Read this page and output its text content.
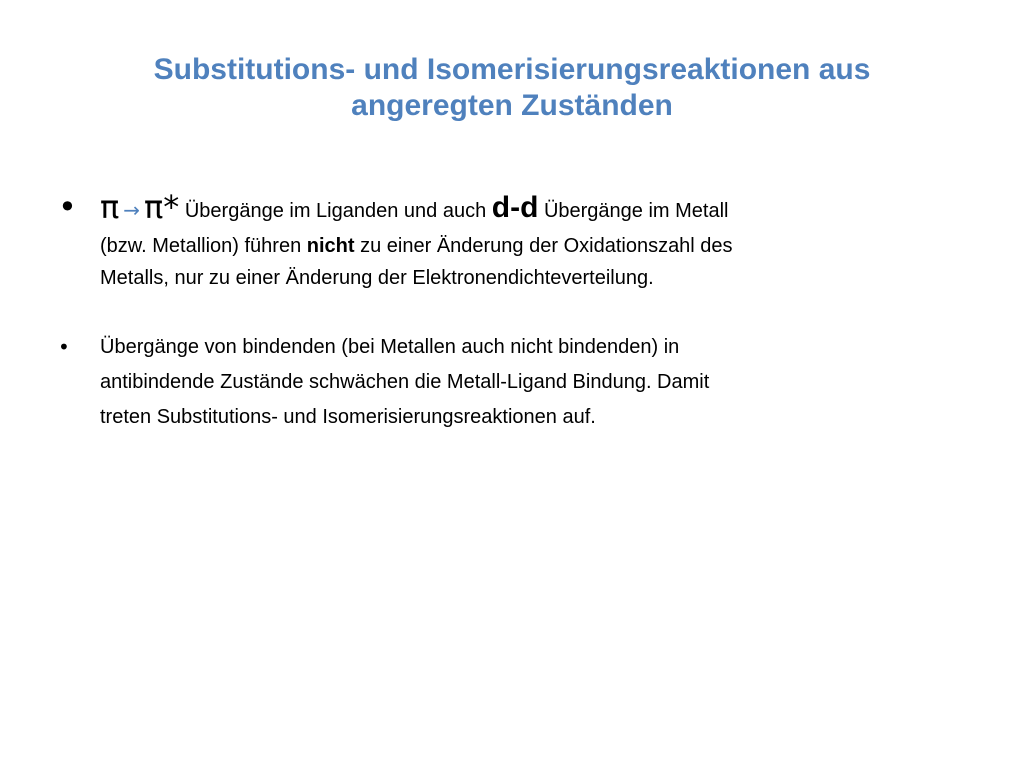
Substitutions- und Isomerisierungsreaktionen aus
angeregten Zuständen
• π → π* Übergänge im Liganden und auch d-d Übergänge im Metall
(bzw. Metallion) führen nicht zu einer Änderung der Oxidationszahl des
Metalls, nur zu einer Änderung der Elektronendichteverteilung.
• Übergänge von bindenden (bei Metallen auch nicht bindenden) in
antibindende Zustände schwächen die Metall-Ligand Bindung. Damit
treten Substitutions- und Isomerisierungsreaktionen auf.
